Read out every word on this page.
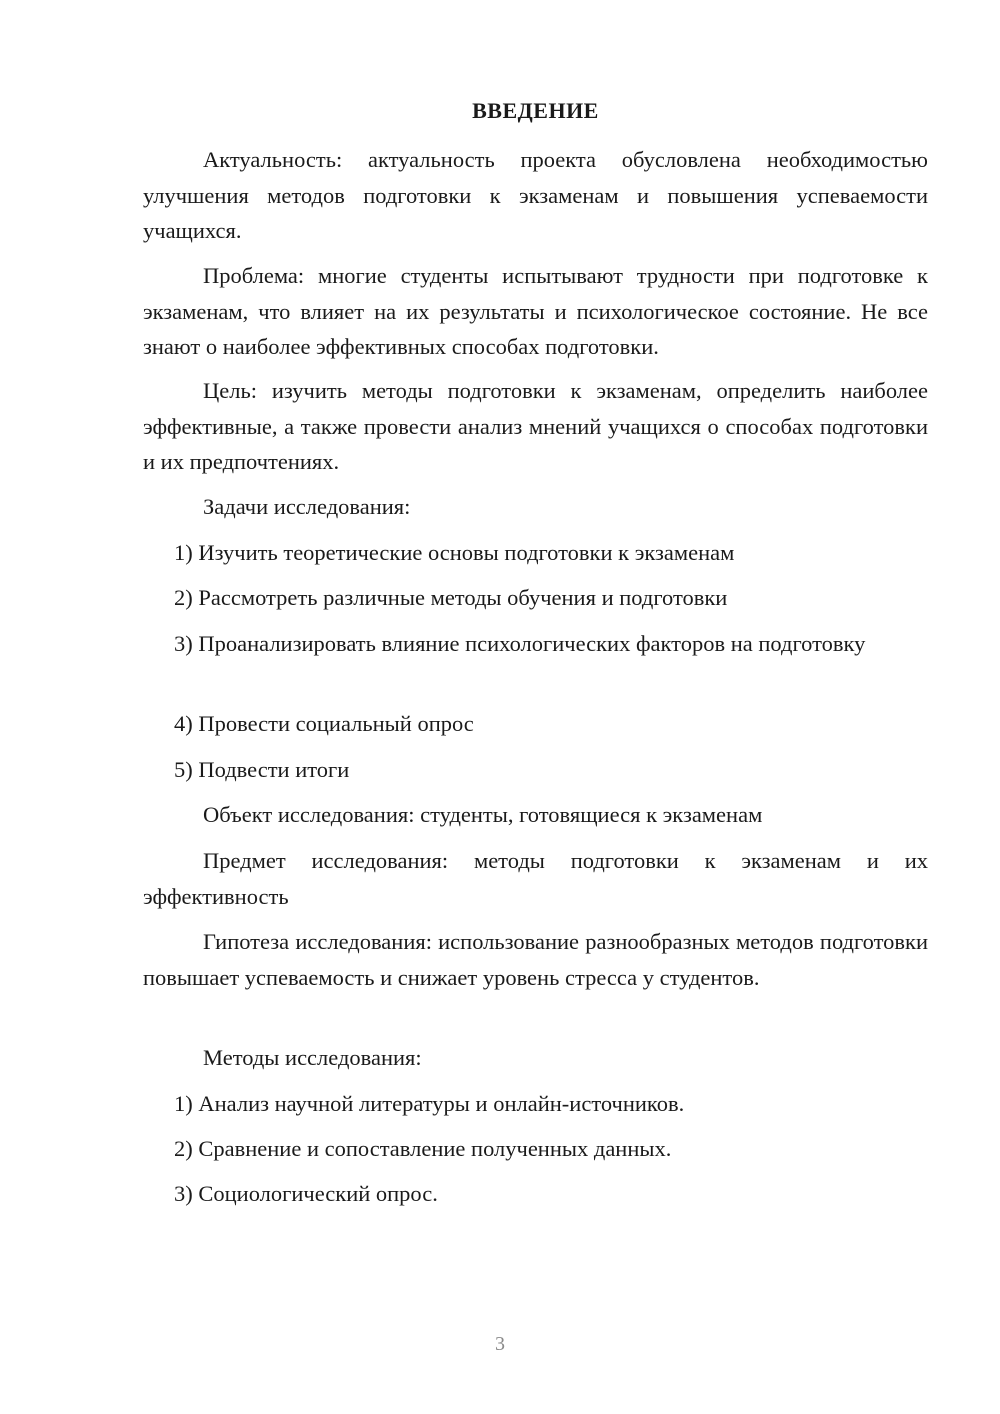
ВВЕДЕНИЕ

Актуальность: актуальность проекта обусловлена необходимостью улучшения методов подготовки к экзаменам и повышения успеваемости учащихся.

Проблема: многие студенты испытывают трудности при подготовке к экзаменам, что влияет на их результаты и психологическое состояние. Не все знают о наиболее эффективных способах подготовки.

Цель: изучить методы подготовки к экзаменам, определить наиболее эффективные, а также провести анализ мнений учащихся о способах подготовки и их предпочтениях.

Задачи исследования:

1) Изучить теоретические основы подготовки к экзаменам

2) Рассмотреть различные методы обучения и подготовки

3) Проанализировать влияние психологических факторов на подготовку

4) Провести социальный опрос

5) Подвести итоги

Объект исследования: студенты, готовящиеся к экзаменам

Предмет исследования: методы подготовки к экзаменам и их эффективность

Гипотеза исследования: использование разнообразных методов подготовки повышает успеваемость и снижает уровень стресса у студентов.

Методы исследования:

1) Анализ научной литературы и онлайн-источников.

2) Сравнение и сопоставление полученных данных.

3) Социологический опрос.

3
